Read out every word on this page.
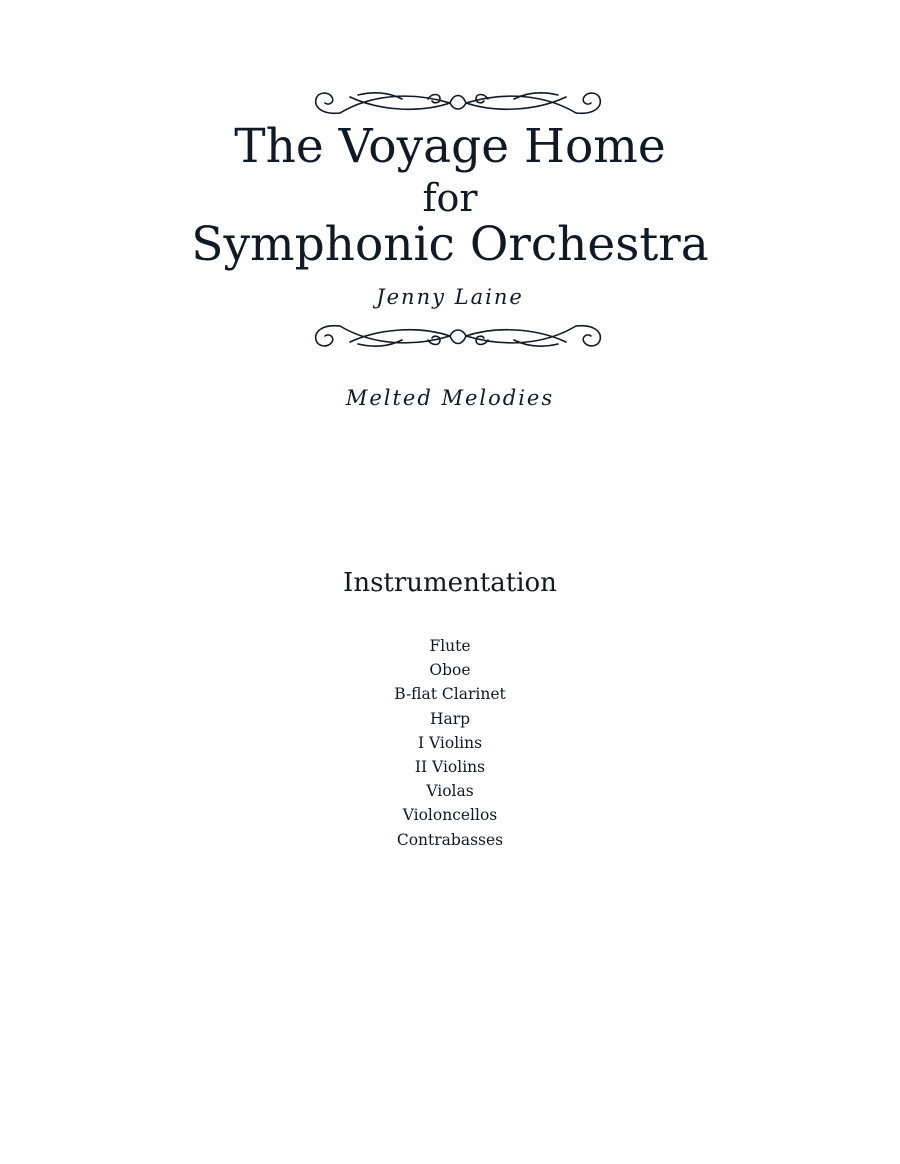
The Voyage Home
for
Symphonic Orchestra
Jenny Laine
Melted Melodies
Instrumentation
Flute
Oboe
B-flat Clarinet
Harp
I Violins
II Violins
Violas
Violoncellos
Contrabasses
